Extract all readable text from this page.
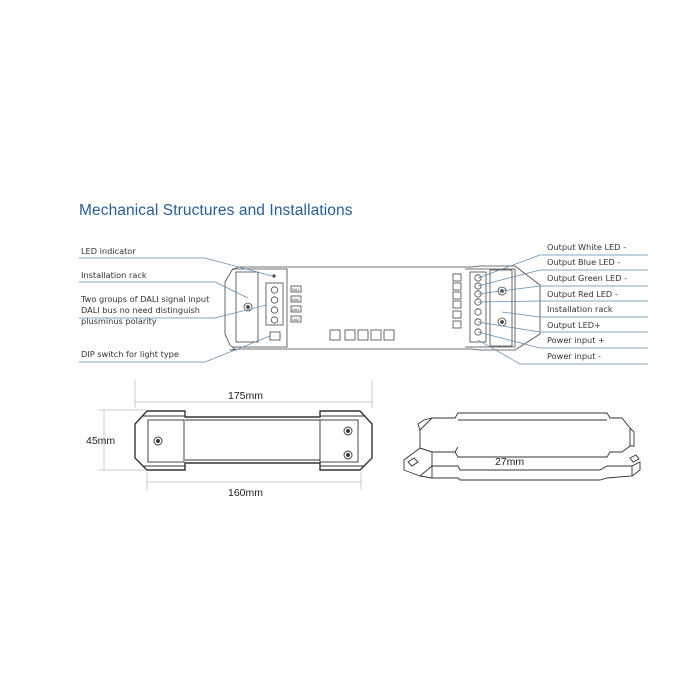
Mechanical Structures and Installations
DA1
DA2
DA1
DA2
LED indicator
Installation rack
Two groups of DALI signal input
DALI bus no need distinguish
plusminus polarity
DIP switch for light type
Output White LED -
Output Blue LED -
Output Green LED -
Output Red LED -
Installation rack
Output LED+
Power input +
Power input -
175mm
45mm
160mm
27mm
